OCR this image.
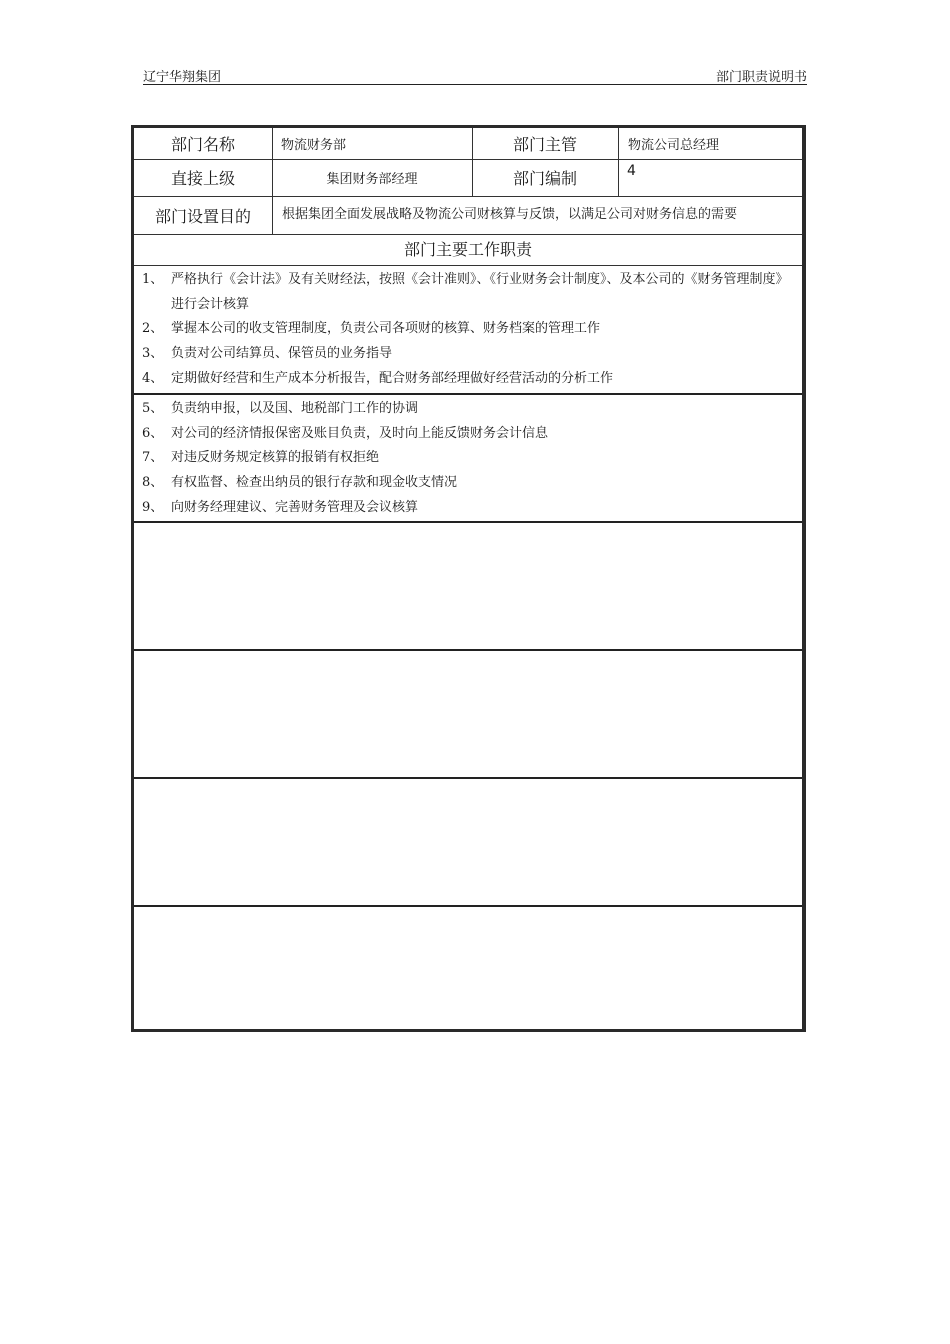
辽宁华翔集团	部门职责说明书
部门名称	物流财务部	部门主管	物流公司总经理
直接上级	集团财务部经理	部门编制	4
部门设置目的	根据集团全面发展战略及物流公司财核算与反馈，以满足公司对财务信息的需要
部门主要工作职责
1、 严格执行《会计法》及有关财经法，按照《会计准则》、《行业财务会计制度》、及本公司的《财务管理制度》进行会计核算
2、 掌握本公司的收支管理制度，负责公司各项财的核算、财务档案的管理工作
3、 负责对公司结算员、保管员的业务指导
4、 定期做好经营和生产成本分析报告，配合财务部经理做好经营活动的分析工作
5、 负责纳申报，以及国、地税部门工作的协调
6、 对公司的经济情报保密及账目负责，及时向上能反馈财务会计信息
7、 对违反财务规定核算的报销有权拒绝
8、 有权监督、检查出纳员的银行存款和现金收支情况
9、 向财务经理建议、完善财务管理及会议核算
